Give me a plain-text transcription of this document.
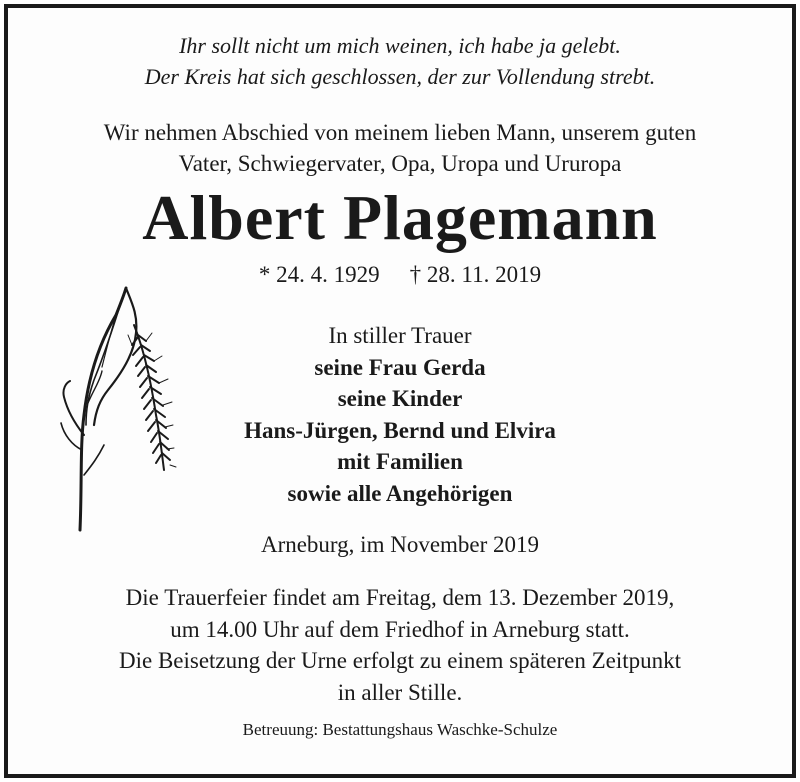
Ihr sollt nicht um mich weinen, ich habe ja gelebt.
Der Kreis hat sich geschlossen, der zur Vollendung strebt.
Wir nehmen Abschied von meinem lieben Mann, unserem guten
Vater, Schwiegervater, Opa, Uropa und Ururopa
Albert Plagemann
* 24. 4. 1929 † 28. 11. 2019
In stiller Trauer
seine Frau Gerda
seine Kinder
Hans-Jürgen, Bernd und Elvira
mit Familien
sowie alle Angehörigen
Arneburg, im November 2019
Die Trauerfeier findet am Freitag, dem 13. Dezember 2019,
um 14.00 Uhr auf dem Friedhof in Arneburg statt.
Die Beisetzung der Urne erfolgt zu einem späteren Zeitpunkt
in aller Stille.
Betreuung: Bestattungshaus Waschke-Schulze
